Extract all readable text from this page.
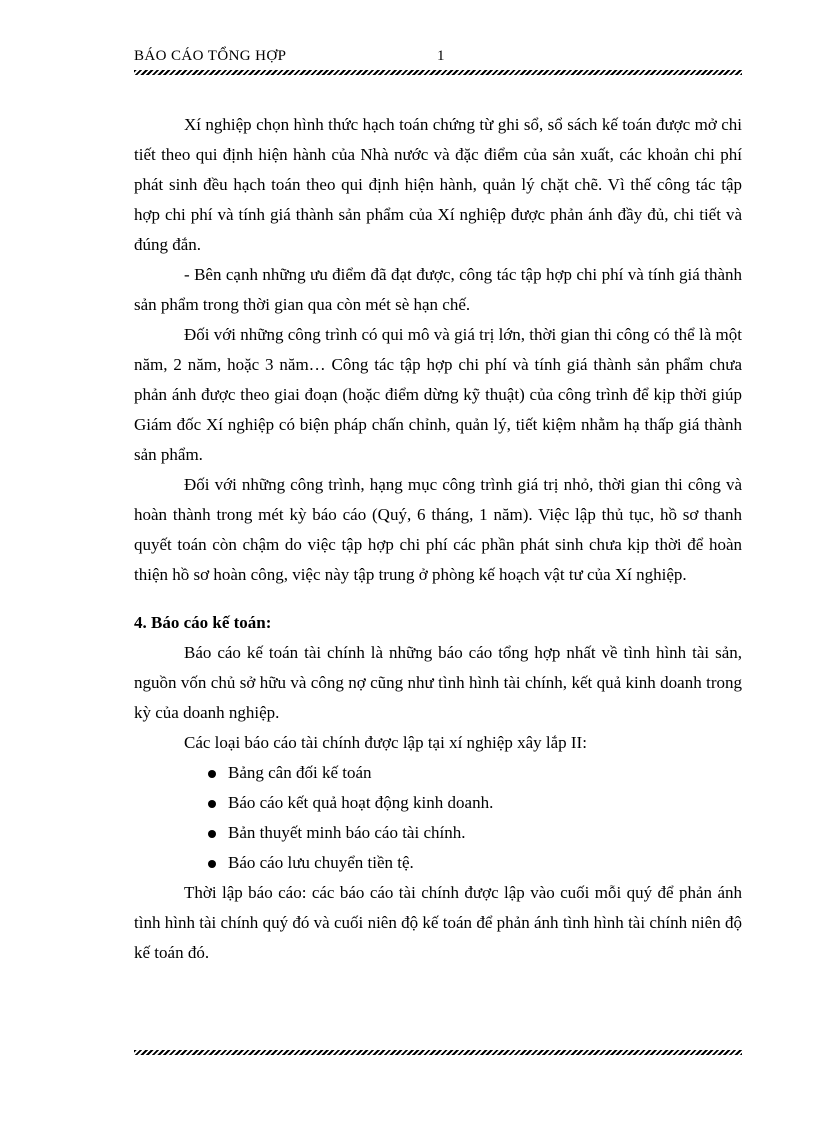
BÁO CÁO TỔNG HỢP	1

Xí nghiệp chọn hình thức hạch toán chứng từ ghi sổ, sổ sách kế toán được mở chi tiết theo qui định hiện hành của Nhà nước và đặc điểm của sản xuất, các khoản chi phí phát sinh đều hạch toán theo qui định hiện hành, quản lý chặt chẽ. Vì thế công tác tập hợp chi phí và tính giá thành sản phẩm của Xí nghiệp được phản ánh đầy đủ, chi tiết và đúng đắn.

- Bên cạnh những ưu điểm đã đạt được, công tác tập hợp chi phí và tính giá thành sản phẩm trong thời gian qua còn mét sè hạn chế.

Đối với những công trình có qui mô và giá trị lớn, thời gian thi công có thể là một năm, 2 năm, hoặc 3 năm… Công tác tập hợp chi phí và tính giá thành sản phẩm chưa phản ánh được theo giai đoạn (hoặc điểm dừng kỹ thuật) của công trình để kịp thời giúp Giám đốc Xí nghiệp có biện pháp chấn chỉnh, quản lý, tiết kiệm nhằm hạ thấp giá thành sản phẩm.

Đối với những công trình, hạng mục công trình giá trị nhỏ, thời gian thi công và hoàn thành trong mét kỳ báo cáo (Quý, 6 tháng, 1 năm). Việc lập thủ tục, hồ sơ thanh quyết toán còn chậm do việc tập hợp chi phí các phần phát sinh chưa kịp thời để hoàn thiện hồ sơ hoàn công, việc này tập trung ở phòng kế hoạch vật tư của Xí nghiệp.

4. Báo cáo kế toán:

Báo cáo kế toán tài chính là những báo cáo tổng hợp nhất về tình hình tài sản, nguồn vốn chủ sở hữu và công nợ cũng như tình hình tài chính, kết quả kinh doanh trong kỳ của doanh nghiệp.

Các loại báo cáo tài chính được lập tại xí nghiệp xây lắp II:

Bảng cân đối kế toán
Báo cáo kết quả hoạt động kinh doanh.
Bản thuyết minh báo cáo tài chính.
Báo cáo lưu chuyển tiền tệ.

Thời lập báo cáo: các báo cáo tài chính được lập vào cuối mỗi quý để phản ánh tình hình tài chính quý đó và cuối niên độ kế toán để phản ánh tình hình tài chính niên độ kế toán đó.
